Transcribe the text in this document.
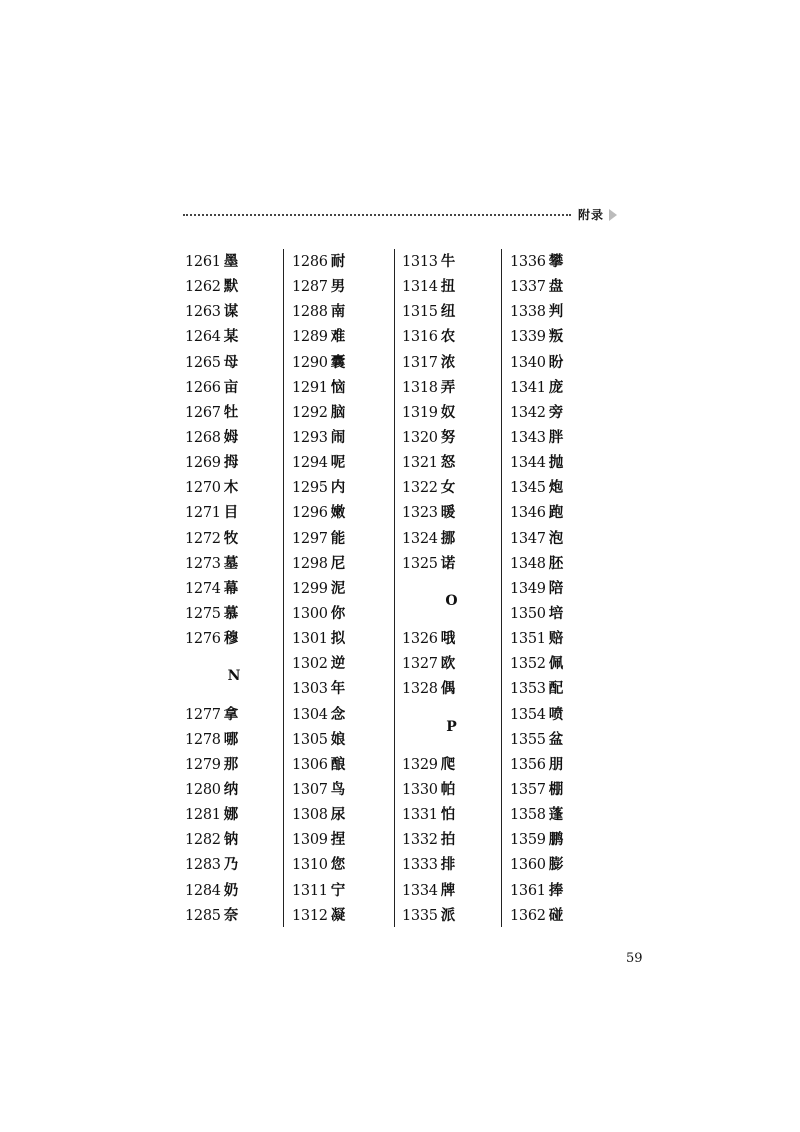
附录
1261 墨
1262 默
1263 谋
1264 某
1265 母
1266 亩
1267 牡
1268 姆
1269 拇
1270 木
1271 目
1272 牧
1273 墓
1274 幕
1275 慕
1276 穆
N
1277 拿
1278 哪
1279 那
1280 纳
1281 娜
1282 钠
1283 乃
1284 奶
1285 奈
1286 耐
1287 男
1288 南
1289 难
1290 囊
1291 恼
1292 脑
1293 闹
1294 呢
1295 内
1296 嫩
1297 能
1298 尼
1299 泥
1300 你
1301 拟
1302 逆
1303 年
1304 念
1305 娘
1306 酿
1307 鸟
1308 尿
1309 捏
1310 您
1311 宁
1312 凝
1313 牛
1314 扭
1315 纽
1316 农
1317 浓
1318 弄
1319 奴
1320 努
1321 怒
1322 女
1323 暖
1324 挪
1325 诺
O
1326 哦
1327 欧
1328 偶
P
1329 爬
1330 帕
1331 怕
1332 拍
1333 排
1334 牌
1335 派
1336 攀
1337 盘
1338 判
1339 叛
1340 盼
1341 庞
1342 旁
1343 胖
1344 抛
1345 炮
1346 跑
1347 泡
1348 胚
1349 陪
1350 培
1351 赔
1352 佩
1353 配
1354 喷
1355 盆
1356 朋
1357 棚
1358 蓬
1359 鹏
1360 膨
1361 捧
1362 碰
59
